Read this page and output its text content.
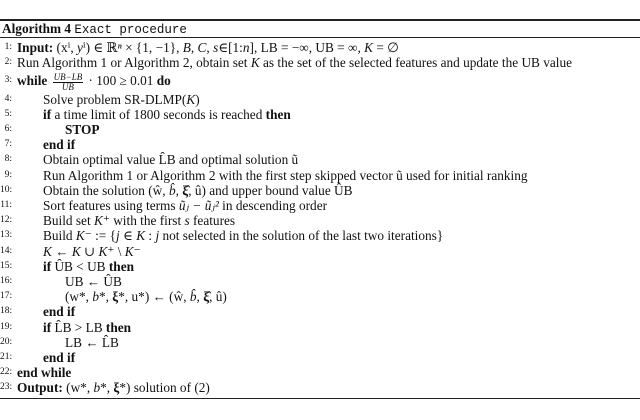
Algorithm 4 Exact procedure
1: Input: (xⁱ, yⁱ) ∈ ℝⁿ × {1, −1}, B, C, s∈[1:n], LB = −∞, UB = ∞, K = ∅
2: Run Algorithm 1 or Algorithm 2, obtain set K as the set of the selected features and update the UB value
3: while $\frac{UB-LB}{UB} \cdot 100 \ge 0.01$ do
4: Solve problem SR-DLMP(K)
5: if a time limit of 1800 seconds is reached then
6:	STOP
7: end if
8: Obtain optimal value L̂B and optimal solution ũ
9: Run Algorithm 1 or Algorithm 2 with the first step skipped vector ũ used for initial ranking
10: Obtain the solution (ŵ, b̂, ξ̂, û) and upper bound value ÛB
11: Sort features using terms ũⱼ − ũⱼ² in descending order
12: Build set K⁺ with the first s features
13: Build K⁻ := {j ∈ K : j not selected in the solution of the last two iterations}
14: K ← K ∪ K⁺ \ K⁻
15: if ÛB < UB then
16:	UB ← ÛB
17:	(w*, b*, ξ*, u*) ← (ŵ, b̂, ξ̂, û)
18: end if
19: if L̂B > LB then
20:	LB ← L̂B
21: end if
22: end while
23: Output: (w*, b*, ξ*) solution of (2)
